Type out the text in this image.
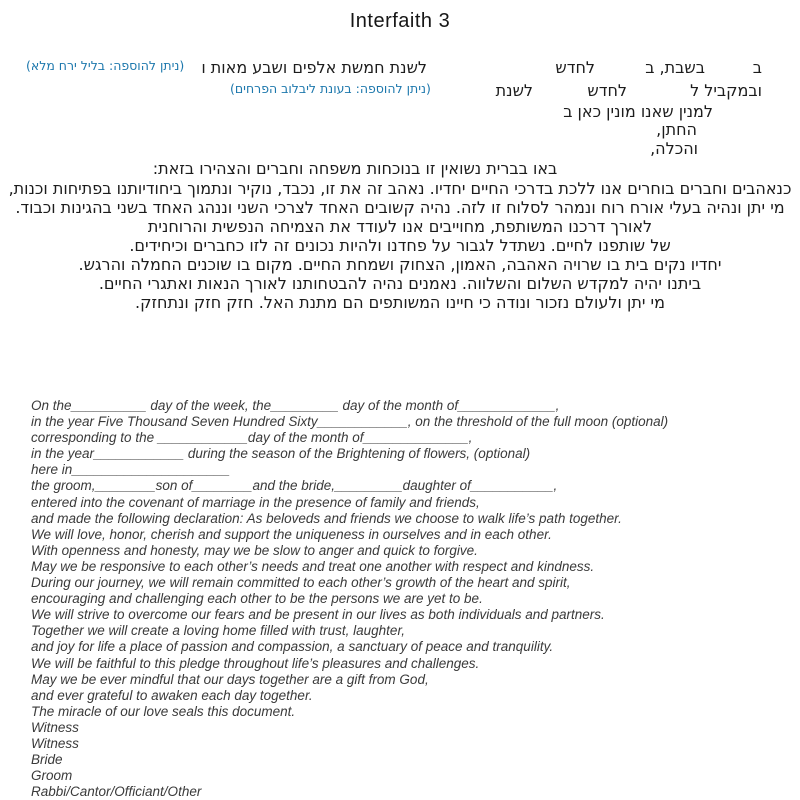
Interfaith 3
ב
בשבת, ב
לחדש
לשנת חמשת אלפים ושבע מאות ו
(ניתן להוספה: בליל ירח מלא)
ובמקביל ל
לחדש
לשנת
(ניתן להוספה: בעונת ליבלוב הפרחים)
למנין שאנו מונין כאן ב
החתן,
והכלה,
באו בברית נשואין זו בנוכחות משפחה וחברים והצהירו בזאת:
כנאהבים וחברים בוחרים אנו ללכת בדרכי החיים יחדיו. נאהב זה את זו, נכבד, נוקיר ונתמוך ביחודיותנו בפתיחות וכנות,
מי יתן ונהיה בעלי אורח רוח ונמהר לסלוח זו לזה. נהיה קשובים האחד לצרכי השני וננהג האחד בשני בהגינות וכבוד.
לאורך דרכנו המשותפת, מחוייבים אנו לעודד את הצמיחה הנפשית והרוחנית
של שותפנו לחיים. נשתדל לגבור על פחדנו ולהיות נכונים זה לזו כחברים וכיחידים.
יחדיו נקים בית בו שרויה האהבה, האמון, הצחוק ושמחת החיים. מקום בו שוכנים החמלה והרגש.
ביתנו יהיה למקדש השלום והשלווה. נאמנים נהיה להבטחותנו לאורך הנאות ואתגרי החיים.
מי יתן ולעולם נזכור ונודה כי חיינו המשותפים הם מתנת האל. חזק חזק ונתחזק.
On the__________ day of the week, the_________ day of the month of_____________,
in the year Five Thousand Seven Hundred Sixty____________, on the threshold of the full moon (optional)
corresponding to the ____________day of the month of______________,
in the year____________ during the season of the Brightening of flowers, (optional)
here in_____________________
the groom,________son of________and the bride,_________daughter of___________,
entered into the covenant of marriage in the presence of family and friends,
and made the following declaration: As beloveds and friends we choose to walk life’s path together.
We will love, honor, cherish and support the uniqueness in ourselves and in each other.
With openness and honesty, may we be slow to anger and quick to forgive.
May we be responsive to each other’s needs and treat one another with respect and kindness.
During our journey, we will remain committed to each other’s growth of the heart and spirit,
encouraging and challenging each other to be the persons we are yet to be.
We will strive to overcome our fears and be present in our lives as both individuals and partners.
Together we will create a loving home filled with trust, laughter,
and joy for life a place of passion and compassion, a sanctuary of peace and tranquility.
We will be faithful to this pledge throughout life’s pleasures and challenges.
May we be ever mindful that our days together are a gift from God,
and ever grateful to awaken each day together.
The miracle of our love seals this document.
Witness
Witness
Bride
Groom
Rabbi/Cantor/Officiant/Other
